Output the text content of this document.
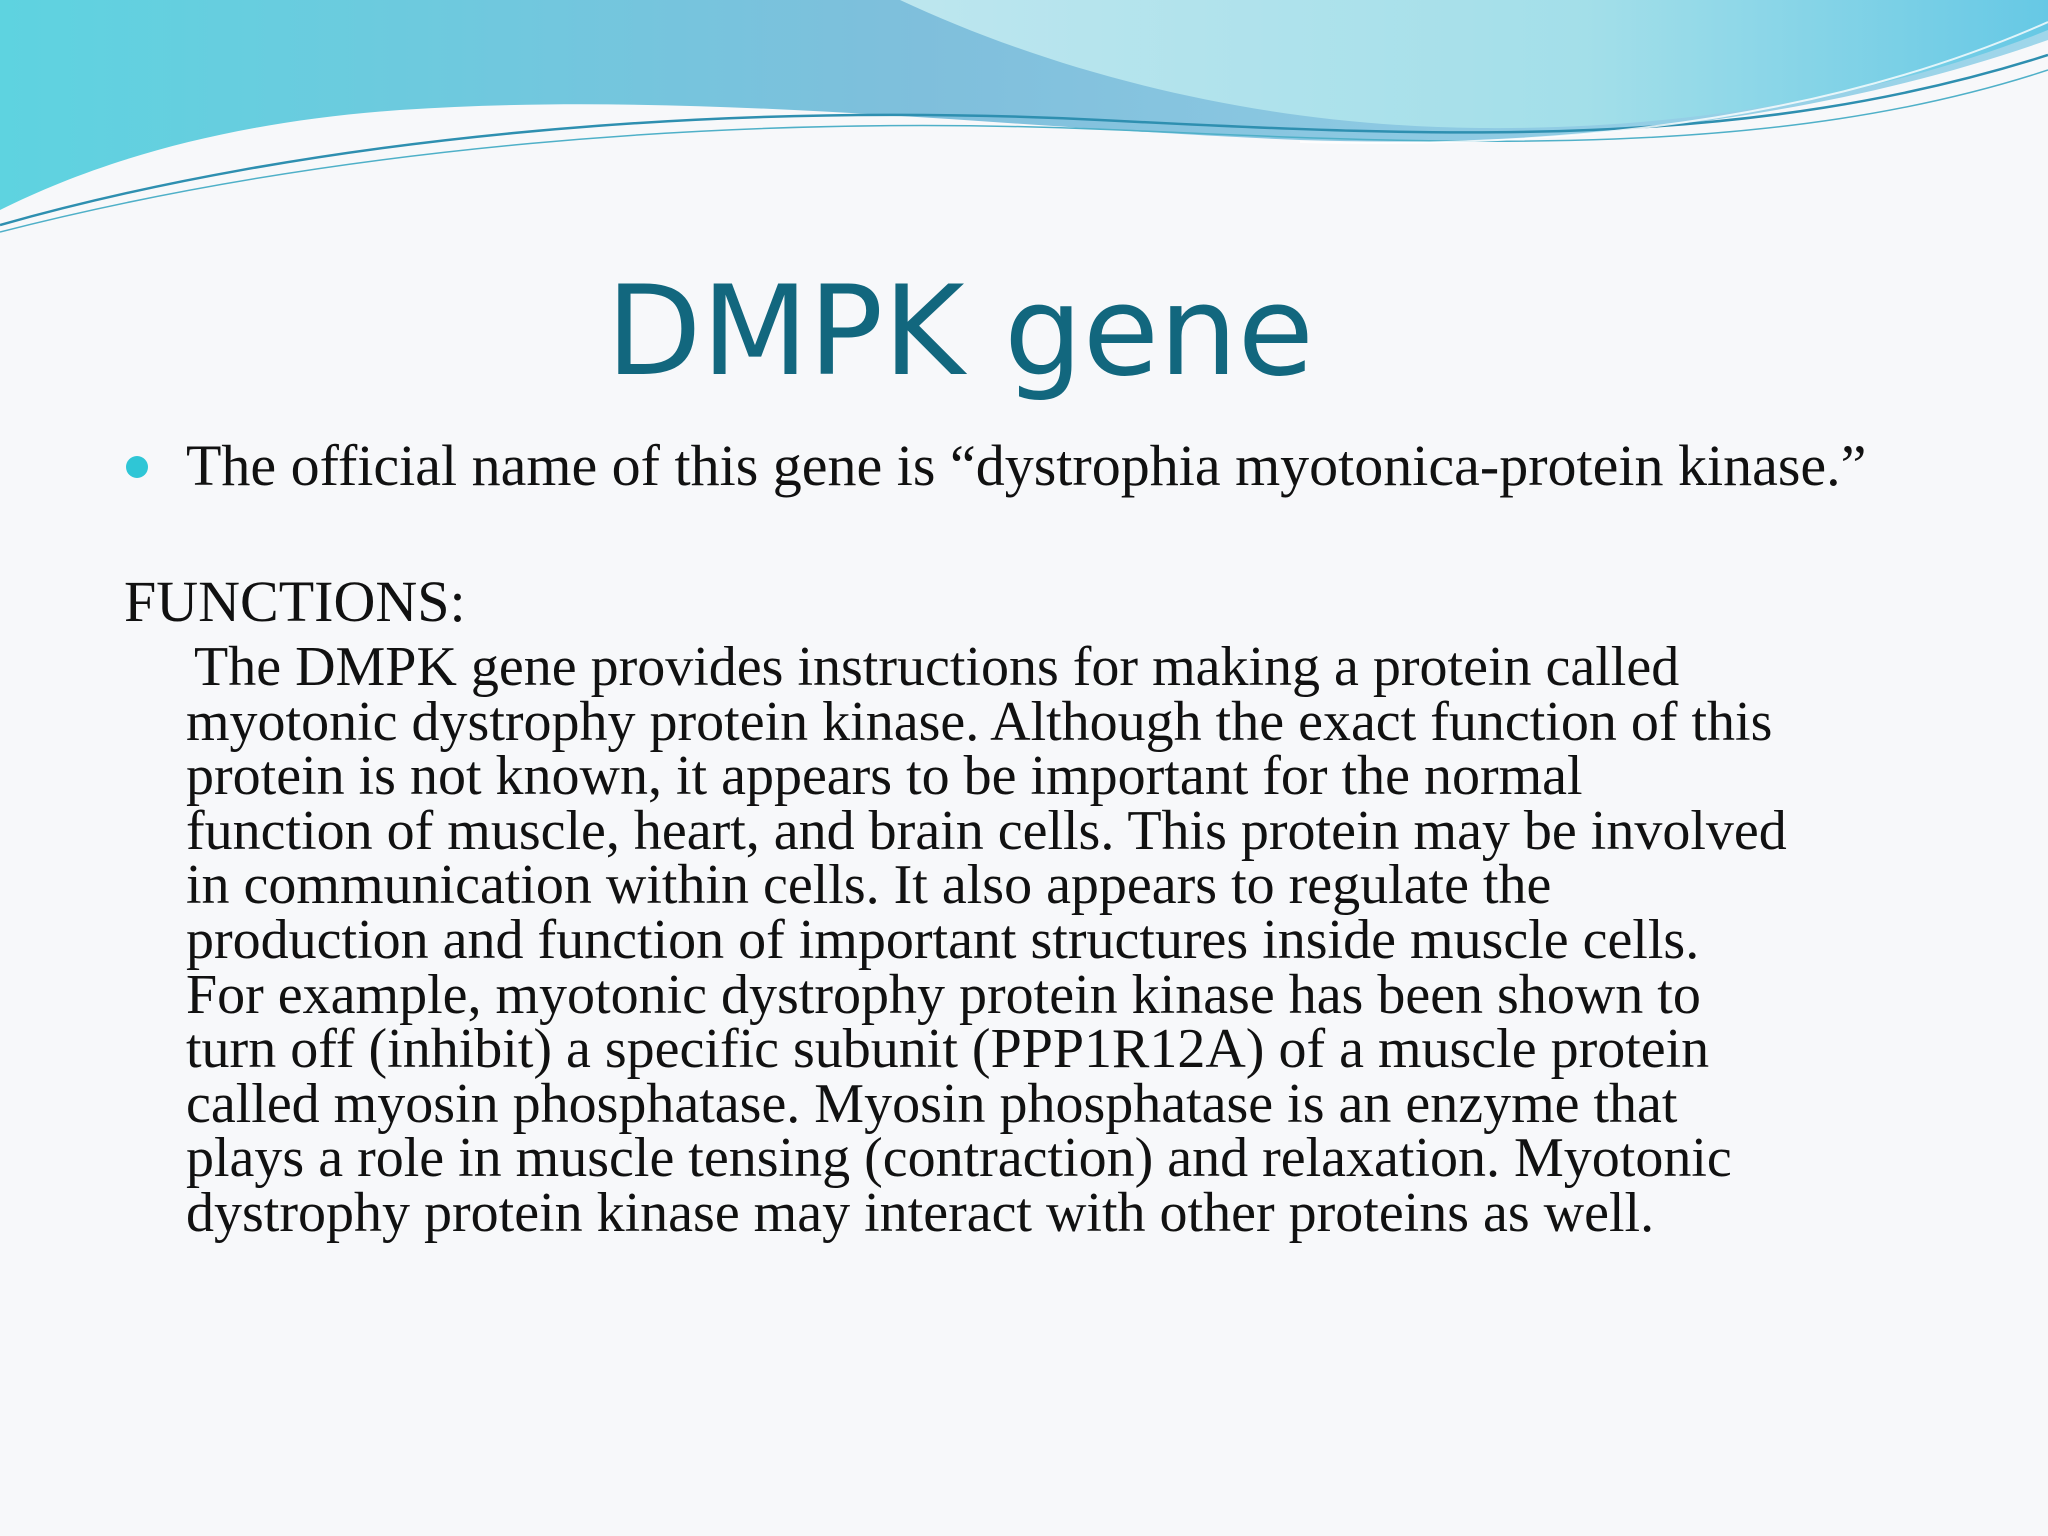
DMPK gene
The official name of this gene is “dystrophia myotonica-protein kinase.”
FUNCTIONS:
The DMPK gene provides instructions for making a protein called
myotonic dystrophy protein kinase. Although the exact function of this
protein is not known, it appears to be important for the normal
function of muscle, heart, and brain cells. This protein may be involved
in communication within cells. It also appears to regulate the
production and function of important structures inside muscle cells.
For example, myotonic dystrophy protein kinase has been shown to
turn off (inhibit) a specific subunit (PPP1R12A) of a muscle protein
called myosin phosphatase. Myosin phosphatase is an enzyme that
plays a role in muscle tensing (contraction) and relaxation. Myotonic
dystrophy protein kinase may interact with other proteins as well.
